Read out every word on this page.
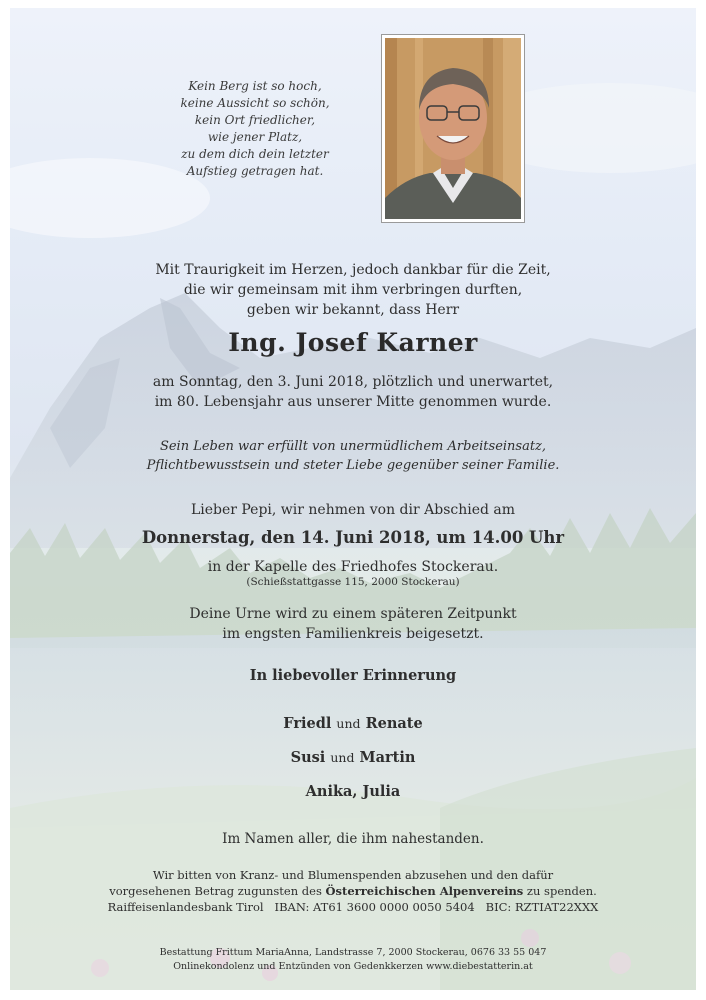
Kein Berg ist so hoch,
keine Aussicht so schön,
kein Ort friedlicher,
wie jener Platz,
zu dem dich dein letzter
Aufstieg getragen hat.
Mit Traurigkeit im Herzen, jedoch dankbar für die Zeit,
die wir gemeinsam mit ihm verbringen durften,
geben wir bekannt, dass Herr
Ing. Josef Karner
am Sonntag, den 3. Juni 2018, plötzlich und unerwartet,
im 80. Lebensjahr aus unserer Mitte genommen wurde.
Sein Leben war erfüllt von unermüdlichem Arbeitseinsatz,
Pflichtbewusstsein und steter Liebe gegenüber seiner Familie.
Lieber Pepi, wir nehmen von dir Abschied am
Donnerstag, den 14. Juni 2018, um 14.00 Uhr
in der Kapelle des Friedhofes Stockerau.
(Schießstattgasse 115, 2000 Stockerau)
Deine Urne wird zu einem späteren Zeitpunkt
im engsten Familienkreis beigesetzt.
In liebevoller Erinnerung
Friedl und Renate
Susi und Martin
Anika, Julia
Im Namen aller, die ihm nahestanden.
Wir bitten von Kranz- und Blumenspenden abzusehen und den dafür
vorgesehenen Betrag zugunsten des Österreichischen Alpenvereins zu spenden.
Raiffeisenlandesbank Tirol   IBAN: AT61 3600 0000 0050 5404   BIC: RZTIAT22XXX
Bestattung Frittum MariaAnna, Landstrasse 7, 2000 Stockerau, 0676 33 55 047
Onlinekondolenz und Entzünden von Gedenkkerzen www.diebestatterin.at
